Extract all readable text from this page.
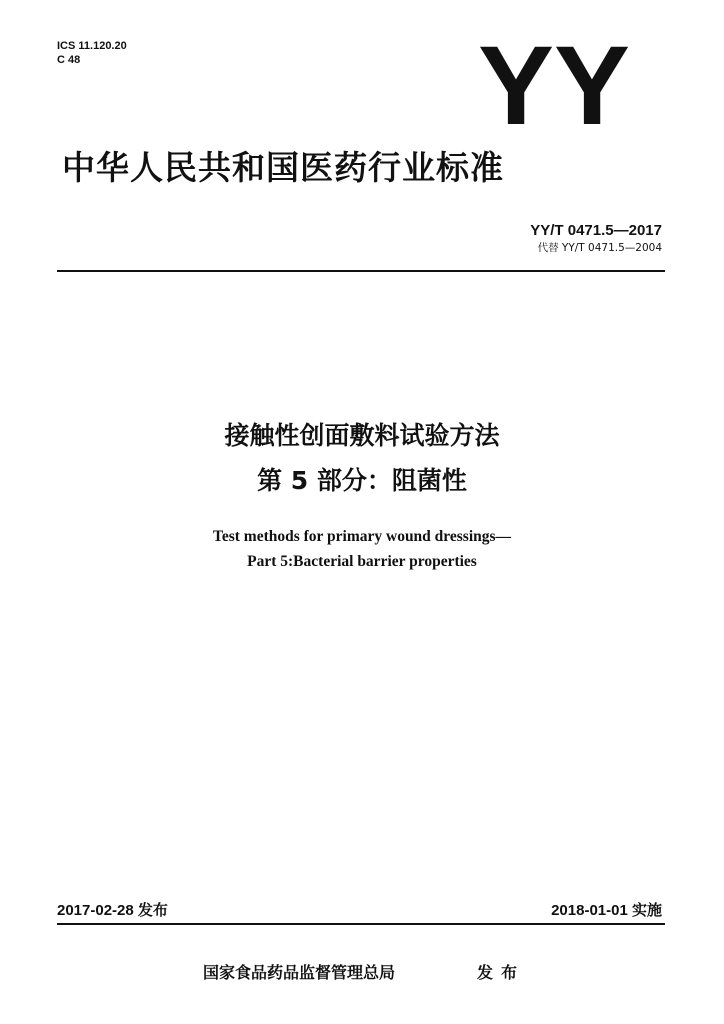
ICS 11.120.20
C 48	YY
中华人民共和国医药行业标准
YY/T 0471.5—2017
代替 YY/T 0471.5—2004
接触性创面敷料试验方法
第 5 部分：阻菌性
Test methods for primary wound dressings—
Part 5:Bacterial barrier properties
2017-02-28 发布	2018-01-01 实施
国家食品药品监督管理总局	发布
